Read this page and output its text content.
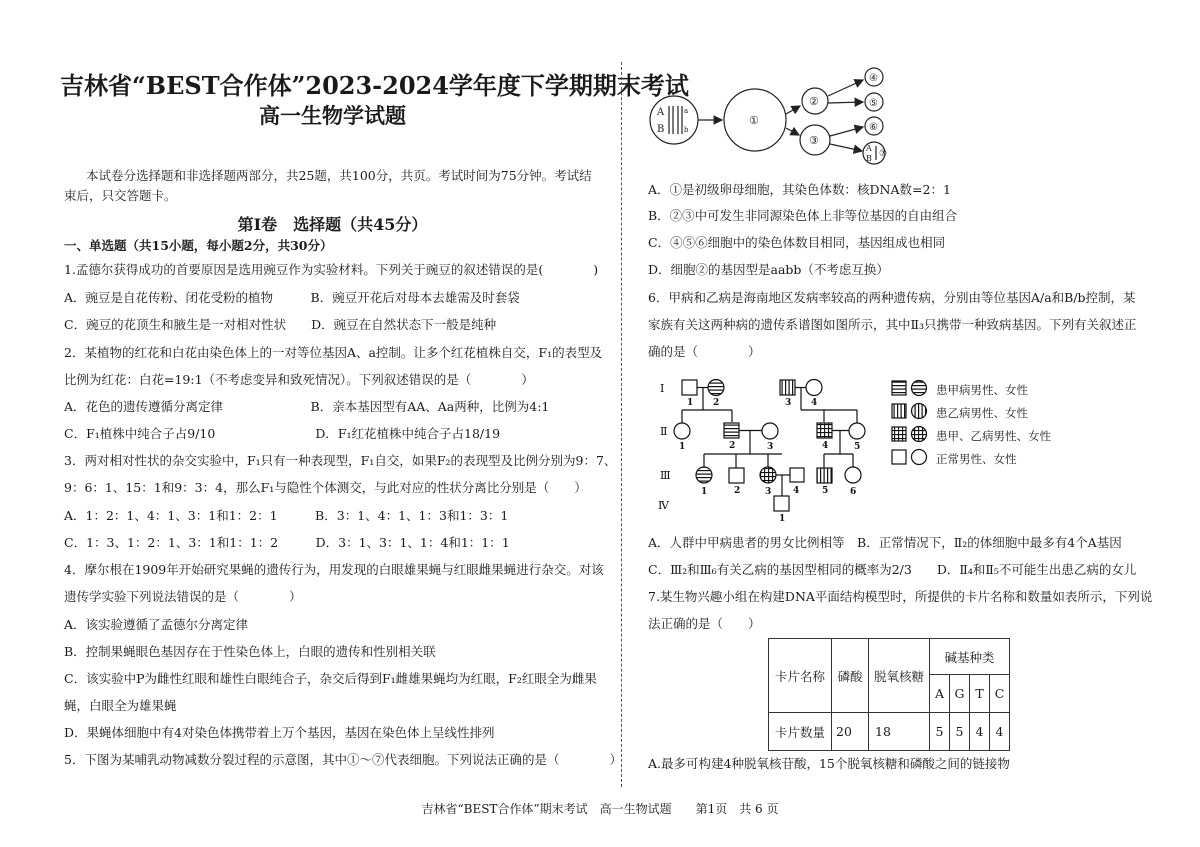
吉林省“BEST合作体”2023-2024学年度下学期期末考试
高一生物学试题
本试卷分选择题和非选择题两部分，共25题，共100分，共页。考试时间为75分钟。考试结
束后，只交答题卡。
第Ⅰ卷　选择题（共45分）
一、单选题（共15小题，每小题2分，共30分）
1.孟德尔获得成功的首要原因是选用豌豆作为实验材料。下列关于豌豆的叙述错误的是(　　　　)
A．豌豆是自花传粉、闭花受粉的植物　　　B．豌豆开花后对母本去雄需及时套袋
C．豌豆的花顶生和腋生是一对相对性状　　D．豌豆在自然状态下一般是纯种
2．某植物的红花和白花由染色体上的一对等位基因A、a控制。让多个红花植株自交，F₁的表型及
比例为红花：白花=19:1（不考虑变异和致死情况）。下列叙述错误的是（　　　　）
A．花色的遗传遵循分离定律　　　　　　　B．亲本基因型有AA、Aa两种，比例为4:1
C．F₁植株中纯合子占9/10　　　　　　　　D．F₁红花植株中纯合子占18/19
3．两对相对性状的杂交实验中，F₁只有一种表现型，F₁自交，如果F₂的表现型及比例分别为9：7、
9：6：1、15：1和9：3：4，那么F₁与隐性个体测交，与此对应的性状分离比分别是（　　）
A．1：2：1、4：1、3：1和1：2：1　　　B．3：1、4：1、1：3和1：3：1
C．1：3、1：2：1、3：1和1：1：2　　　D．3：1、3：1、1：4和1：1：1
4．摩尔根在1909年开始研究果蝇的遗传行为，用发现的白眼雄果蝇与红眼雌果蝇进行杂交。对该
遗传学实验下列说法错误的是（　　　　）
A．该实验遵循了孟德尔分离定律
B．控制果蝇眼色基因存在于性染色体上，白眼的遗传和性别相关联
C．该实验中P为雌性红眼和雄性白眼纯合子，杂交后得到F₁雌雄果蝇均为红眼，F₂红眼全为雌果
蝇，白眼全为雄果蝇
D．果蝇体细胞中有4对染色体携带着上万个基因，基因在染色体上呈线性排列
5．下图为某哺乳动物减数分裂过程的示意图，其中①～⑦代表细胞。下列说法正确的是（　　　　）
A
B
a
b
①
②
③
④
⑤
⑥
⑦
A
B
A．①是初级卵母细胞，其染色体数：核DNA数=2：1
B．②③中可发生非同源染色体上非等位基因的自由组合
C．④⑤⑥细胞中的染色体数目相同，基因组成也相同
D．细胞②的基因型是aabb（不考虑互换）
6．甲病和乙病是海南地区发病率较高的两种遗传病，分别由等位基因A/a和B/b控制，某
家族有关这两种病的遗传系谱图如图所示，其中Ⅱ₃只携带一种致病基因。下列有关叙述正
确的是（　　　　）
Ⅰ
Ⅱ
Ⅲ
Ⅳ
1 2	3 4
1	2	3	4	5
1	2	3 4	5 6
1
患甲病男性、女性
患乙病男性、女性
患甲、乙病男性、女性
正常男性、女性
A．人群中甲病患者的男女比例相等　B．正常情况下，Ⅱ₂的体细胞中最多有4个A基因
C．Ⅲ₂和Ⅲ₆有关乙病的基因型相同的概率为2/3　　D．Ⅱ₄和Ⅱ₅不可能生出患乙病的女儿
7.某生物兴趣小组在构建DNA平面结构模型时，所提供的卡片名称和数量如表所示，下列说
法正确的是（　　）
卡片名称	磷酸	脱氧核糖	碱基种类			
			A	G	T	C
卡片数量	20	18	5	5	4	4
A.最多可构建4种脱氧核苷酸，15个脱氧核糖和磷酸之间的链接物
吉林省“BEST合作体”期末考试　高一生物试题　　第1页　共 6 页
